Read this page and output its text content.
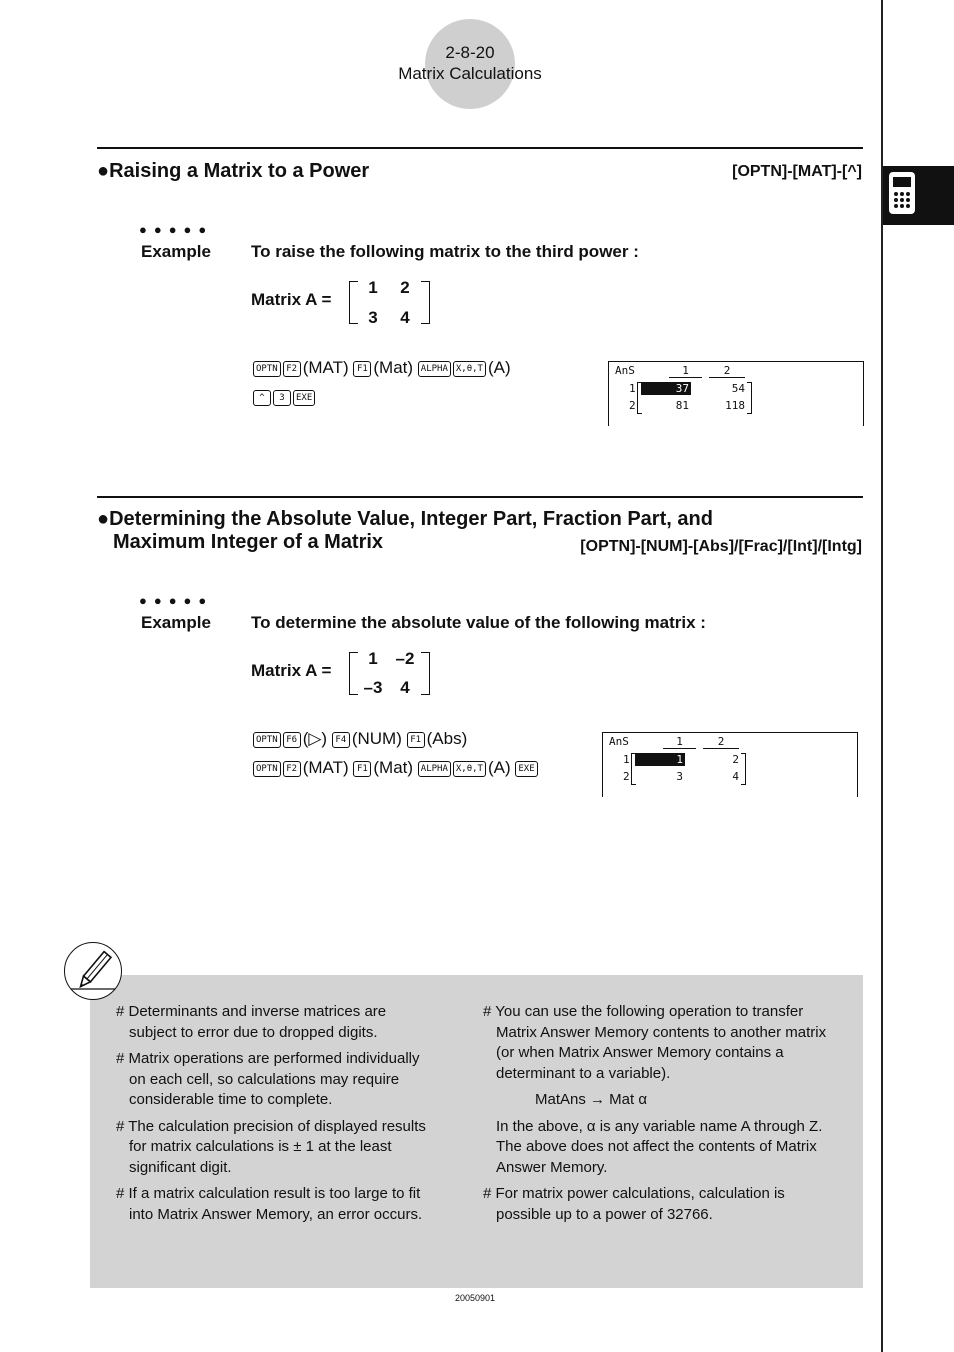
2-8-20
Matrix Calculations
●Raising a Matrix to a Power	[OPTN]-[MAT]-[^]
●●●●●
Example To raise the following matrix to the third power :
Matrix A =
1	2
3	4
OPTN F2 (MAT) F1 (Mat) ALPHA X,θ,T (A)
^ 3 EXE
AnS	1	2
1	37	54
2	81	118
●Determining the Absolute Value, Integer Part, Fraction Part, and
Maximum Integer of a Matrix	[OPTN]-[NUM]-[Abs]/[Frac]/[Int]/[Intg]
●●●●●
Example To determine the absolute value of the following matrix :
Matrix A =
1	–2
–3	4
OPTN F6 (▷) F4 (NUM) F1 (Abs)
OPTN F2 (MAT) F1 (Mat) ALPHA X,θ,T (A) EXE
AnS	1	2
1	1	2
2	3	4

# Determinants and inverse matrices are subject to error due to dropped digits.

# Matrix operations are performed individually on each cell, so calculations may require considerable time to complete.

# The calculation precision of displayed results for matrix calculations is ± 1 at the least significant digit.

# If a matrix calculation result is too large to fit into Matrix Answer Memory, an error occurs.

# You can use the following operation to transfer Matrix Answer Memory contents to another matrix (or when Matrix Answer Memory contains a determinant to a variable).

MatAns → Mat α

In the above, α is any variable name A through Z. The above does not affect the contents of Matrix Answer Memory.

# For matrix power calculations, calculation is possible up to a power of 32766.

20050901
